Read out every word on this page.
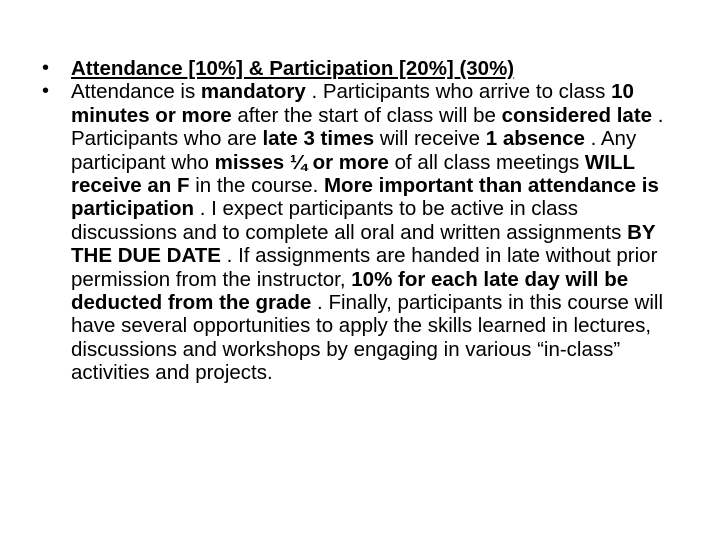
• Attendance [10%] & Participation [20%] (30%)
• Attendance is mandatory . Participants who arrive to class 10 minutes or more after the start of class will be considered late . Participants who are late 3 times will receive 1 absence . Any participant who misses ¼ or more of all class meetings WILL receive an F in the course. More important than attendance is participation . I expect participants to be active in class discussions and to complete all oral and written assignments BY THE DUE DATE . If assignments are handed in late without prior permission from the instructor, 10% for each late day will be deducted from the grade . Finally, participants in this course will have several opportunities to apply the skills learned in lectures, discussions and workshops by engaging in various “in-class” activities and projects.
